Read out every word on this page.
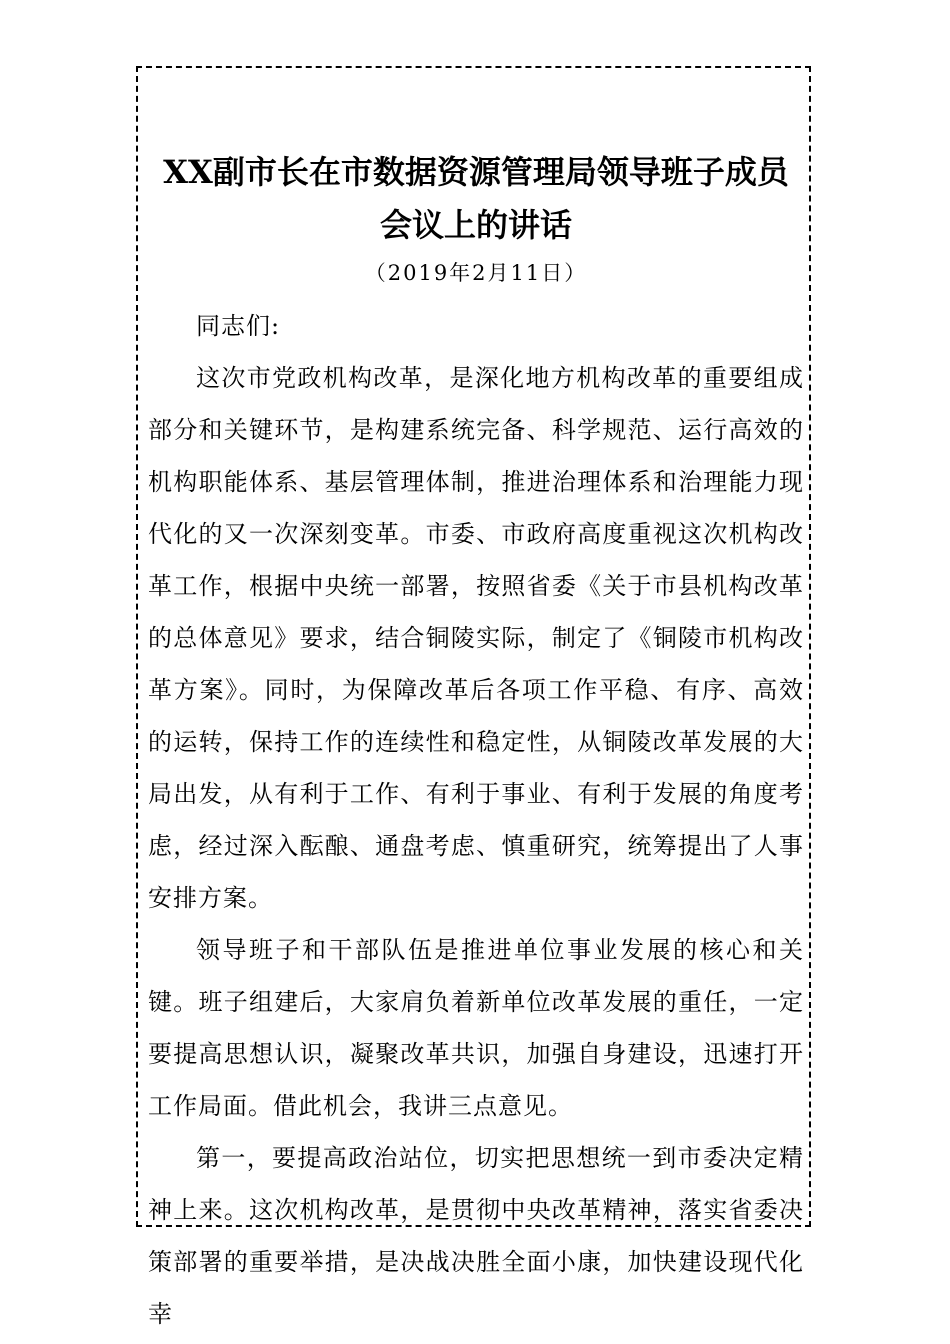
XX副市长在市数据资源管理局领导班子成员会议上的讲话

（2019年2月11日）

同志们:

这次市党政机构改革，是深化地方机构改革的重要组成部分和关键环节，是构建系统完备、科学规范、运行高效的机构职能体系、基层管理体制，推进治理体系和治理能力现代化的又一次深刻变革。市委、市政府高度重视这次机构改革工作，根据中央统一部署，按照省委《关于市县机构改革的总体意见》要求，结合铜陵实际，制定了《铜陵市机构改革方案》。同时，为保障改革后各项工作平稳、有序、高效的运转，保持工作的连续性和稳定性，从铜陵改革发展的大局出发，从有利于工作、有利于事业、有利于发展的角度考虑，经过深入酝酿、通盘考虑、慎重研究，统筹提出了人事安排方案。

领导班子和干部队伍是推进单位事业发展的核心和关键。班子组建后，大家肩负着新单位改革发展的重任，一定要提高思想认识，凝聚改革共识，加强自身建设，迅速打开工作局面。借此机会，我讲三点意见。

第一，要提高政治站位，切实把思想统一到市委决定精神上来。这次机构改革，是贯彻中央改革精神，落实省委决策部署的重要举措，是决战决胜全面小康，加快建设现代化幸
